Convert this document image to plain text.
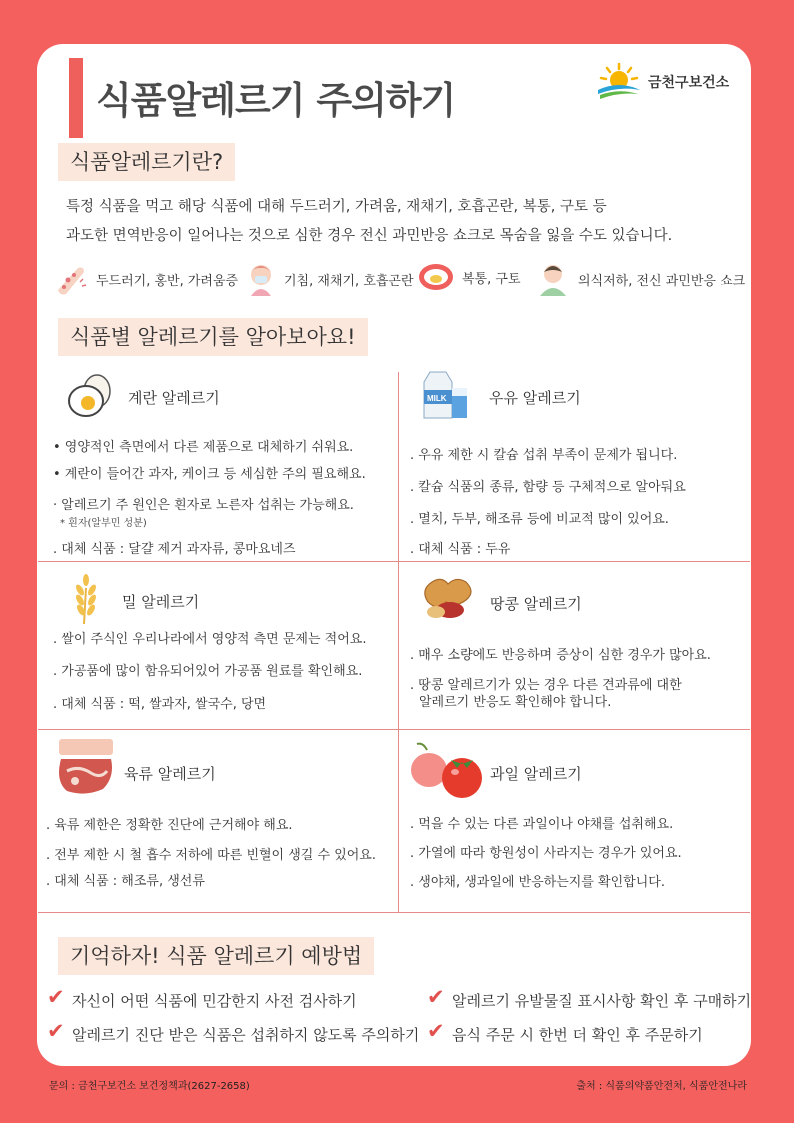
식품알레르기 주의하기	금천구보건소
식품알레르기란?
특정 식품을 먹고 해당 식품에 대해 두드러기, 가려움, 재채기, 호흡곤란, 복통, 구토 등
과도한 면역반응이 일어나는 것으로 심한 경우 전신 과민반응 쇼크로 목숨을 잃을 수도 있습니다.
두드러기, 홍반, 가려움증	기침, 재채기, 호흡곤란	복통, 구토	의식저하, 전신 과민반응 쇼크
식품별 알레르기를 알아보아요!
계란 알레르기
• 영양적인 측면에서 다른 제품으로 대체하기 쉬워요.
• 계란이 들어간 과자, 케이크 등 세심한 주의 필요해요.
· 알레르기 주 원인은 흰자로 노른자 섭취는 가능해요.
* 흰자(알부민 성분)
. 대체 식품 : 달걀 제거 과자류, 콩마요네즈
MILK	우유 알레르기
. 우유 제한 시 칼슘 섭취 부족이 문제가 됩니다.
. 칼슘 식품의 종류, 함량 등 구체적으로 알아둬요
. 멸치, 두부, 해조류 등에 비교적 많이 있어요.
. 대체 식품 : 두유
밀 알레르기
. 쌀이 주식인 우리나라에서 영양적 측면 문제는 적어요.
. 가공품에 많이 함유되어있어 가공품 원료를 확인해요.
. 대체 식품 : 떡, 쌀과자, 쌀국수, 당면
땅콩 알레르기
. 매우 소량에도 반응하며 증상이 심한 경우가 많아요.
. 땅콩 알레르기가 있는 경우 다른 견과류에 대한
알레르기 반응도 확인해야 합니다.
육류 알레르기
. 육류 제한은 정확한 진단에 근거해야 해요.
. 전부 제한 시 철 흡수 저하에 따른 빈혈이 생길 수 있어요.
. 대체 식품 : 해조류, 생선류
과일 알레르기
. 먹을 수 있는 다른 과일이나 야채를 섭취해요.
. 가열에 따라 항원성이 사라지는 경우가 있어요.
. 생야채, 생과일에 반응하는지를 확인합니다.
기억하자! 식품 알레르기 예방법
✔ 자신이 어떤 식품에 민감한지 사전 검사하기	✔ 알레르기 유발물질 표시사항 확인 후 구매하기
✔ 알레르기 진단 받은 식품은 섭취하지 않도록 주의하기 ✔ 음식 주문 시 한번 더 확인 후 주문하기
문의 : 금천구보건소 보건정책과(2627-2658)	출처 : 식품의약품안전처, 식품안전나라
